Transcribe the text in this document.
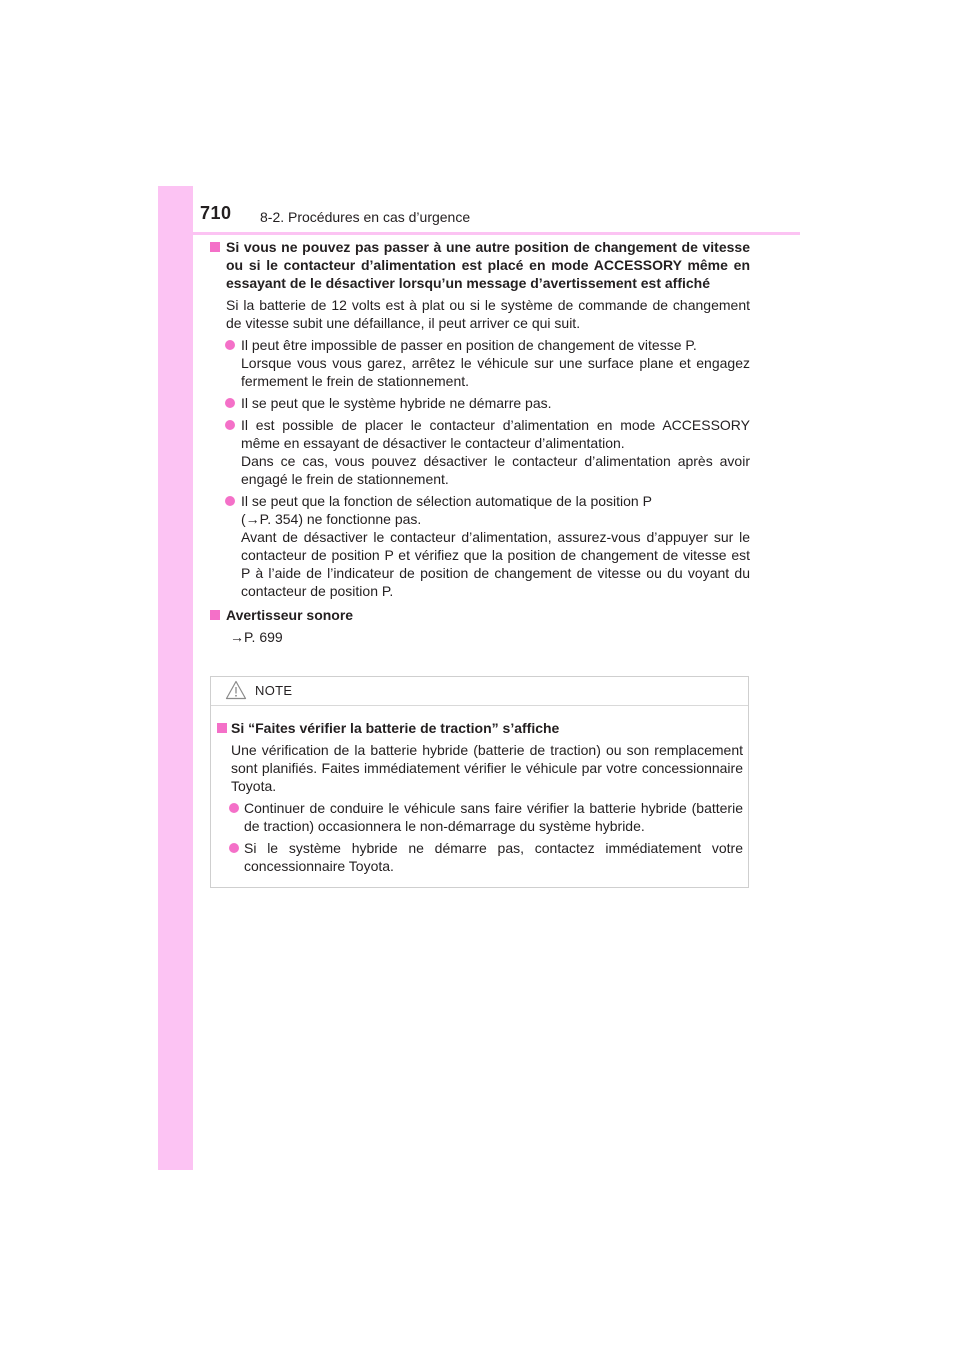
710 8-2. Procédures en cas d’urgence
Si vous ne pouvez pas passer à une autre position de changement de vitesse ou si le contacteur d’alimentation est placé en mode ACCESSORY même en essayant de le désactiver lorsqu’un message d’avertissement est affiché
Si la batterie de 12 volts est à plat ou si le système de commande de changement de vitesse subit une défaillance, il peut arriver ce qui suit.
Il peut être impossible de passer en position de changement de vitesse P.
Lorsque vous vous garez, arrêtez le véhicule sur une surface plane et engagez fermement le frein de stationnement.
Il se peut que le système hybride ne démarre pas.
Il est possible de placer le contacteur d’alimentation en mode ACCESSORY même en essayant de désactiver le contacteur d’alimentation.
Dans ce cas, vous pouvez désactiver le contacteur d’alimentation après avoir engagé le frein de stationnement.
Il se peut que la fonction de sélection automatique de la position P
(→P. 354) ne fonctionne pas.
Avant de désactiver le contacteur d’alimentation, assurez-vous d’appuyer sur le contacteur de position P et vérifiez que la position de changement de vitesse est P à l’aide de l’indicateur de position de changement de vitesse ou du voyant du contacteur de position P.
Avertisseur sonore
→P. 699
NOTE
Si “Faites vérifier la batterie de traction” s’affiche
Une vérification de la batterie hybride (batterie de traction) ou son remplacement sont planifiés. Faites immédiatement vérifier le véhicule par votre concessionnaire Toyota.
Continuer de conduire le véhicule sans faire vérifier la batterie hybride (batterie de traction) occasionnera le non-démarrage du système hybride.
Si le système hybride ne démarre pas, contactez immédiatement votre concessionnaire Toyota.
